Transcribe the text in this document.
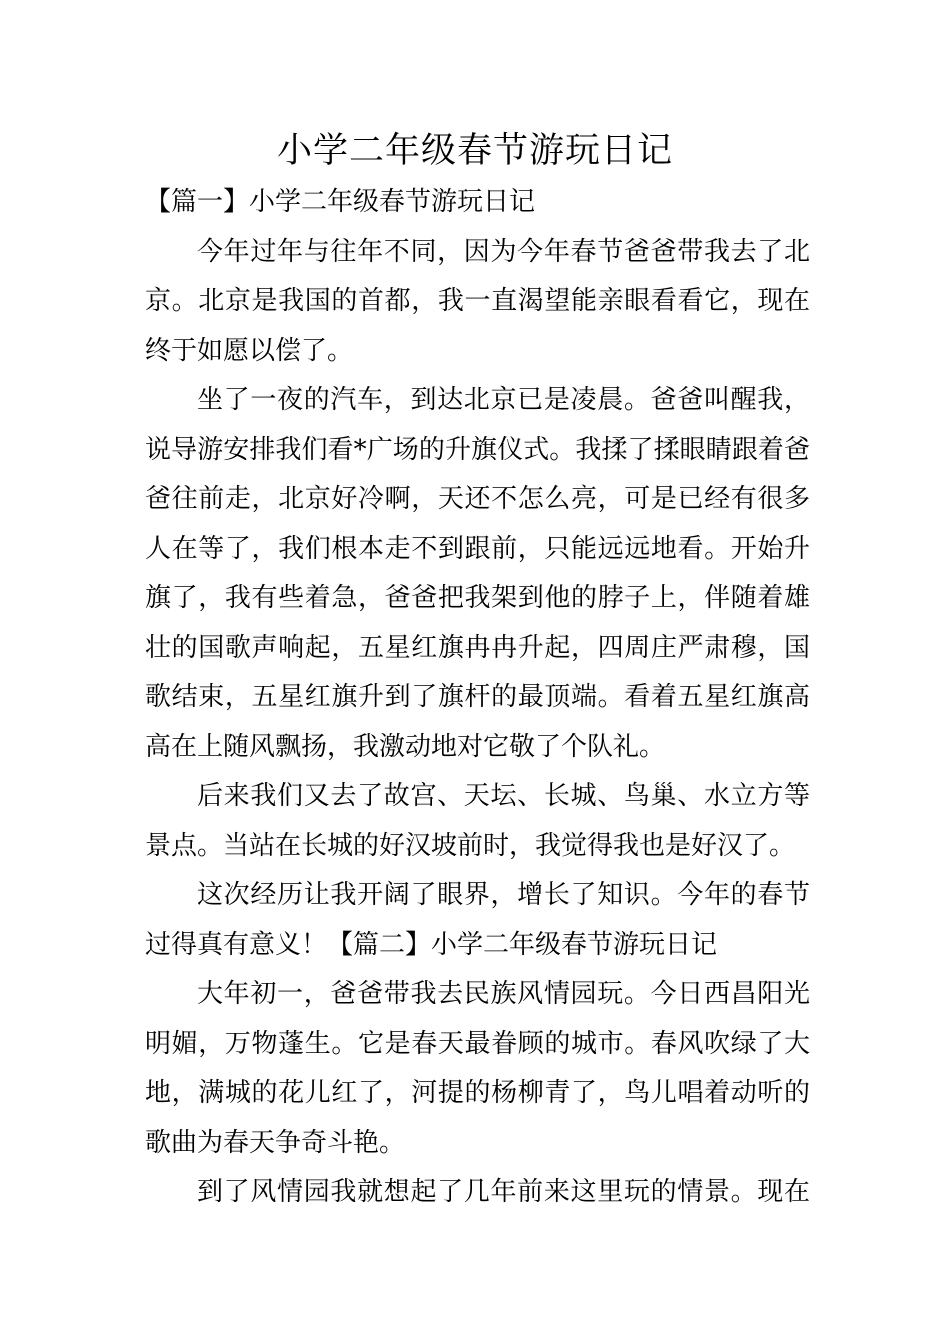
小学二年级春节游玩日记
【篇一】小学二年级春节游玩日记
今年过年与往年不同，因为今年春节爸爸带我去了北
京。北京是我国的首都，我一直渴望能亲眼看看它，现在
终于如愿以偿了。
坐了一夜的汽车，到达北京已是凌晨。爸爸叫醒我，
说导游安排我们看*广场的升旗仪式。我揉了揉眼睛跟着爸
爸往前走，北京好冷啊，天还不怎么亮，可是已经有很多
人在等了，我们根本走不到跟前，只能远远地看。开始升
旗了，我有些着急，爸爸把我架到他的脖子上，伴随着雄
壮的国歌声响起，五星红旗冉冉升起，四周庄严肃穆，国
歌结束，五星红旗升到了旗杆的最顶端。看着五星红旗高
高在上随风飘扬，我激动地对它敬了个队礼。
后来我们又去了故宫、天坛、长城、鸟巢、水立方等
景点。当站在长城的好汉坡前时，我觉得我也是好汉了。
这次经历让我开阔了眼界，增长了知识。今年的春节
过得真有意义！【篇二】小学二年级春节游玩日记
大年初一，爸爸带我去民族风情园玩。今日西昌阳光
明媚，万物蓬生。它是春天最眷顾的城市。春风吹绿了大
地，满城的花儿红了，河提的杨柳青了，鸟儿唱着动听的
歌曲为春天争奇斗艳。
到了风情园我就想起了几年前来这里玩的情景。现在
